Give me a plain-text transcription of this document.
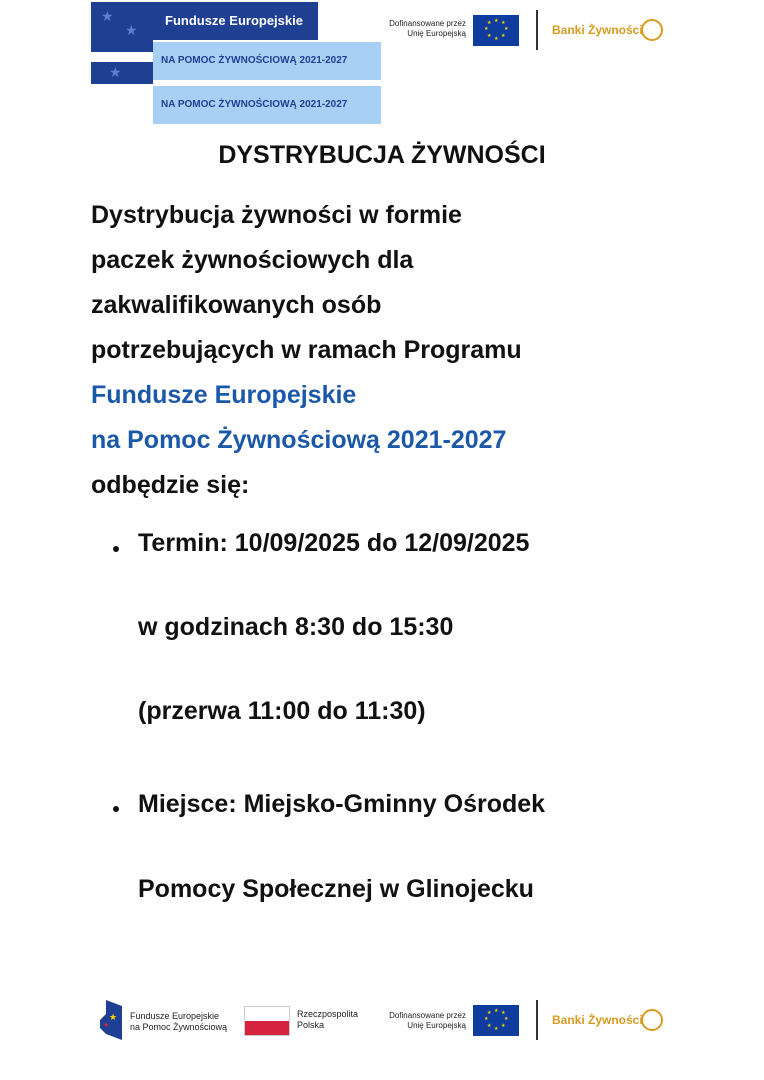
★
★
★
Fundusze Europejskie
NA POMOC ŻYWNOŚCIOWĄ 2021-2027
NA POMOC ŻYWNOŚCIOWĄ 2021-2027
Dofinansowane przez
Unię Europejską
★ ★
★
★
★
★
★
★	Banki Żywności
DYSTRYBUCJA ŻYWNOŚCI
Dystrybucja żywności w formie
paczek żywnościowych dla
zakwalifikowanych osób
potrzebujących w ramach Programu
Fundusze Europejskie
na Pomoc Żywnościową 2021-2027
odbędzie się:
Termin: 10/09/2025 do 12/09/2025
w godzinach 8:30 do 15:30
(przerwa 11:00 do 11:30)
Miejsce: Miejsko-Gminny Ośrodek
Pomocy Społecznej w Glinojecku
★
★
Fundusze Europejskie
na Pomoc Żywnościową
Rzeczpospolita
Polska
Dofinansowane przez
Unię Europejską
★ ★
★
★
★
★
★
★	Banki Żywności
